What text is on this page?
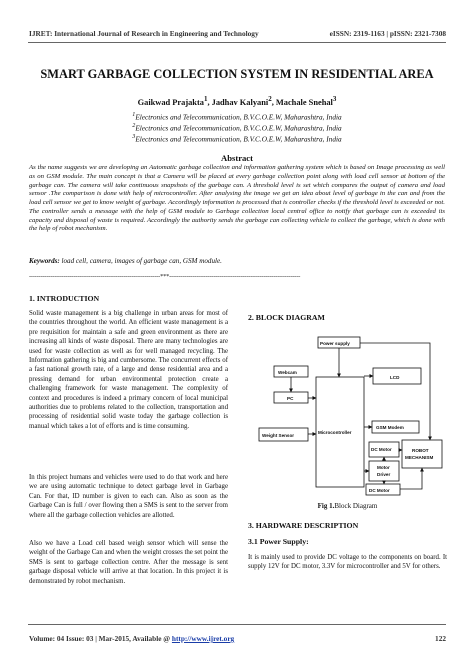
IJRET: International Journal of Research in Engineering and Technology	eISSN: 2319-1163 | pISSN: 2321-7308
SMART GARBAGE COLLECTION SYSTEM IN RESIDENTIAL AREA
Gaikwad Prajakta$^1$, Jadhav Kalyani$^2$, Machale Snehal$^3$
$^1$Electronics and Telecommunication, B.V.C.O.E.W, Maharashtra, India
$^2$Electronics and Telecommunication, B.V.C.O.E.W, Maharashtra, India
$^3$Electronics and Telecommunication, B.V.C.O.E.W, Maharashtra, India
Abstract
As the name suggests we are developing an Automatic garbage collection and information gathering system which is based on Image processing as well as on GSM module. The main concept is that a Camera will be placed at every garbage collection point along with load cell sensor at bottom of the garbage can. The camera will take continuous snapshots of the garbage can. A threshold level is set which compares the output of camera and load sensor .The comparison is done with help of microcontroller. After analysing the image we get an idea about level of garbage in the can and from the load cell sensor we get to know weight of garbage. Accordingly information is processed that is controller checks if the threshold level is exceeded or not. The controller sends a message with the help of GSM module to Garbage collection local central office to notify that garbage can is exceeded its capacity and disposal of waste is required. Accordingly the authority sends the garbage can collecting vehicle to collect the garbage, which is done with the help of robot mechanism.
Keywords: load cell, camera, images of garbage can, GSM module.
--------------------------------------------------------------------***--------------------------------------------------------------------
1. INTRODUCTION
Solid waste management is a big challenge in urban areas for most of the countries throughout the world. An efficient waste management is a pre requisition for maintain a safe and green environment as there are increasing all kinds of waste disposal. There are many technologies are used for waste collection as well as for well managed recycling. The Information gathering is big and cumbersome. The concurrent effects of a fast national growth rate, of a large and dense residential area and a pressing demand for urban environmental protection create a challenging framework for waste management. The complexity of context and procedures is indeed a primary concern of local municipal authorities due to problems related to the collection, transportation and processing of residential solid waste today the garbage collection is manual which takes a lot of efforts and is time consuming.
In this project humans and vehicles were used to do that work and here we are using automatic technique to detect garbage level in Garbage Can. For that, ID number is given to each can. Also as soon as the Garbage Can is full / over flowing then a SMS is sent to the server from where all the garbage collection vehicles are allotted.
Also we have a Load cell based weigh sensor which will sense the weight of the Garbage Can and when the weight crosses the set point the SMS is sent to garbage collection centre. After the message is sent garbage disposal vehicle will arrive at that location. In this project it is demonstrated by robot mechanism.
2. BLOCK DIAGRAM
Power supply
Webcam
PC
Weight Sensor
Microcontroller
LCD
GSM Modem
DC Motor
Motor
Driver
ROBOT
MECHANISM
DC Motor
Fig 1.Block Diagram
3. HARDWARE DESCRIPTION
3.1 Power Supply:
It is mainly used to provide DC voltage to the components on board. It supply 12V for DC motor, 3.3V for microcontroller and 5V for others.
Volume: 04 Issue: 03 | Mar-2015, Available @ http://www.ijret.org	122
